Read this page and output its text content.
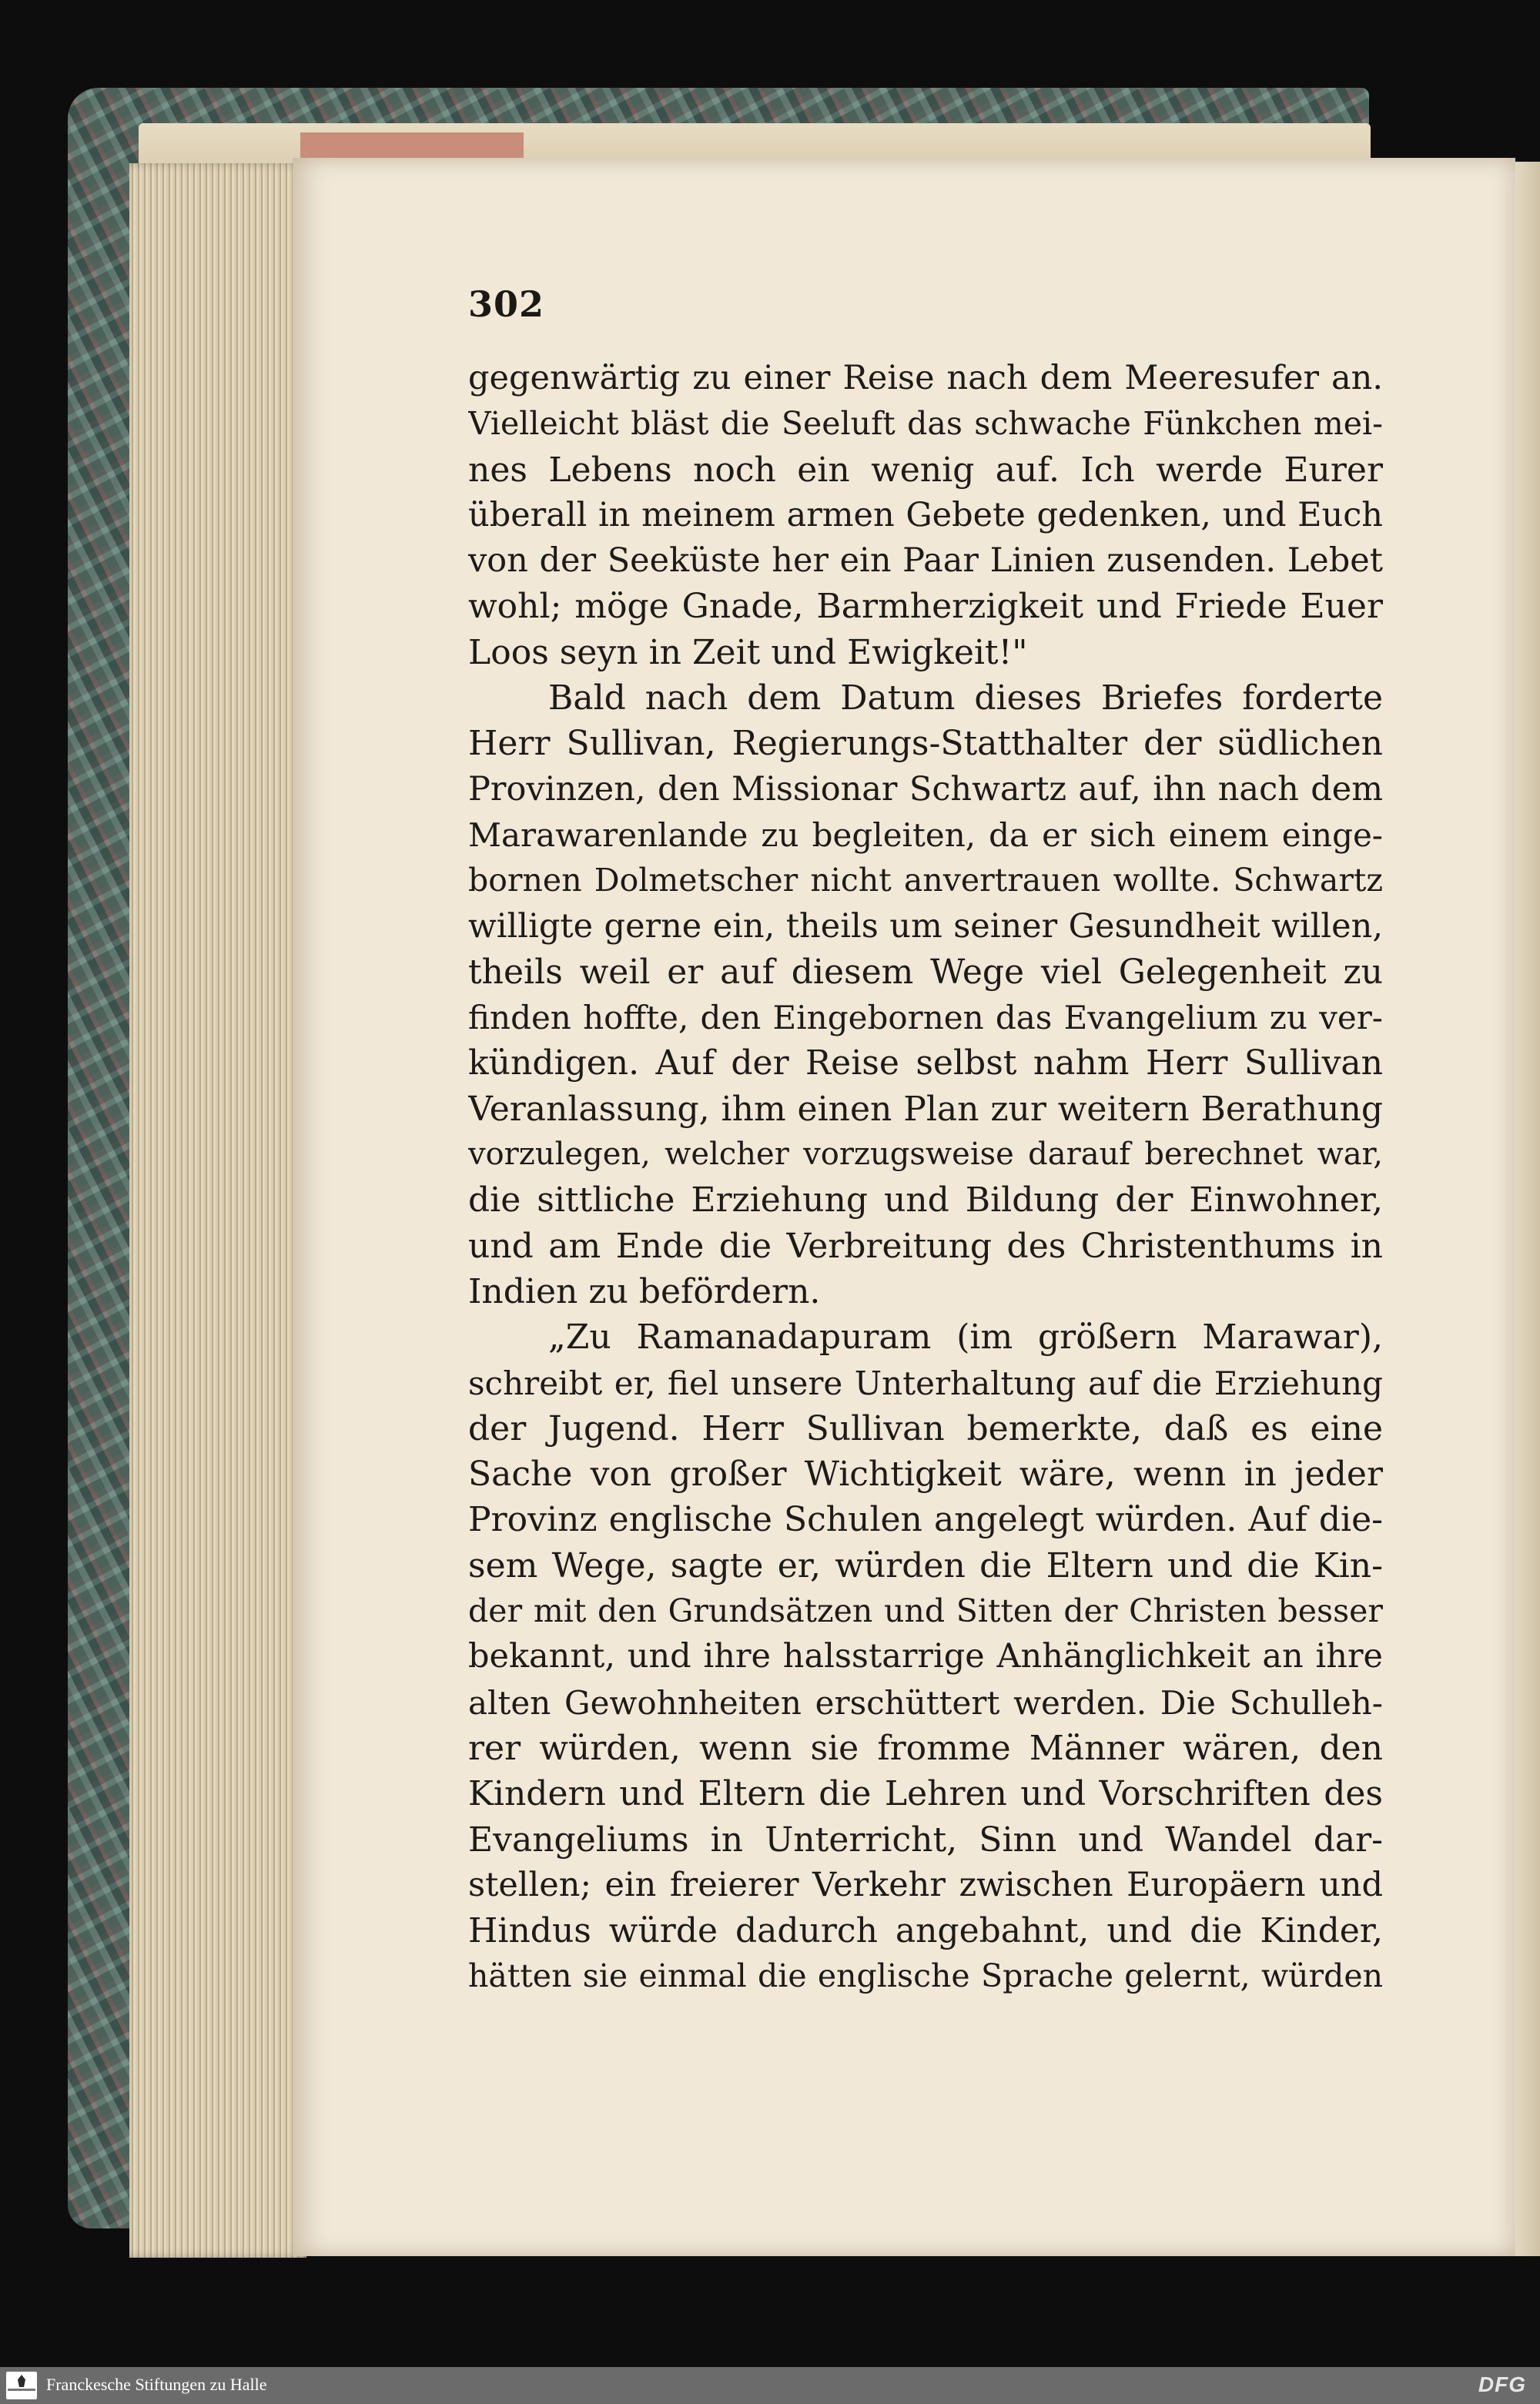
302
gegenwärtig zu einer Reise nach dem Meeresufer an.
Vielleicht bläst die Seeluft das schwache Fünkchen mei-
nes Lebens noch ein wenig auf. Ich werde Eurer
überall in meinem armen Gebete gedenken, und Euch
von der Seeküste her ein Paar Linien zusenden. Lebet
wohl; möge Gnade, Barmherzigkeit und Friede Euer
Loos seyn in Zeit und Ewigkeit!"
Bald nach dem Datum dieses Briefes forderte
Herr Sullivan, Regierungs-Statthalter der südlichen
Provinzen, den Missionar Schwartz auf, ihn nach dem
Marawarenlande zu begleiten, da er sich einem einge-
bornen Dolmetscher nicht anvertrauen wollte. Schwartz
willigte gerne ein, theils um seiner Gesundheit willen,
theils weil er auf diesem Wege viel Gelegenheit zu
finden hoffte, den Eingebornen das Evangelium zu ver-
kündigen. Auf der Reise selbst nahm Herr Sullivan
Veranlassung, ihm einen Plan zur weitern Berathung
vorzulegen, welcher vorzugsweise darauf berechnet war,
die sittliche Erziehung und Bildung der Einwohner,
und am Ende die Verbreitung des Christenthums in
Indien zu befördern.
„Zu Ramanadapuram (im größern Marawar),
schreibt er, fiel unsere Unterhaltung auf die Erziehung
der Jugend. Herr Sullivan bemerkte, daß es eine
Sache von großer Wichtigkeit wäre, wenn in jeder
Provinz englische Schulen angelegt würden. Auf die-
sem Wege, sagte er, würden die Eltern und die Kin-
der mit den Grundsätzen und Sitten der Christen besser
bekannt, und ihre halsstarrige Anhänglichkeit an ihre
alten Gewohnheiten erschüttert werden. Die Schulleh-
rer würden, wenn sie fromme Männer wären, den
Kindern und Eltern die Lehren und Vorschriften des
Evangeliums in Unterricht, Sinn und Wandel dar-
stellen; ein freierer Verkehr zwischen Europäern und
Hindus würde dadurch angebahnt, und die Kinder,
hätten sie einmal die englische Sprache gelernt, würden
Franckesche Stiftungen zu Halle	DFG
